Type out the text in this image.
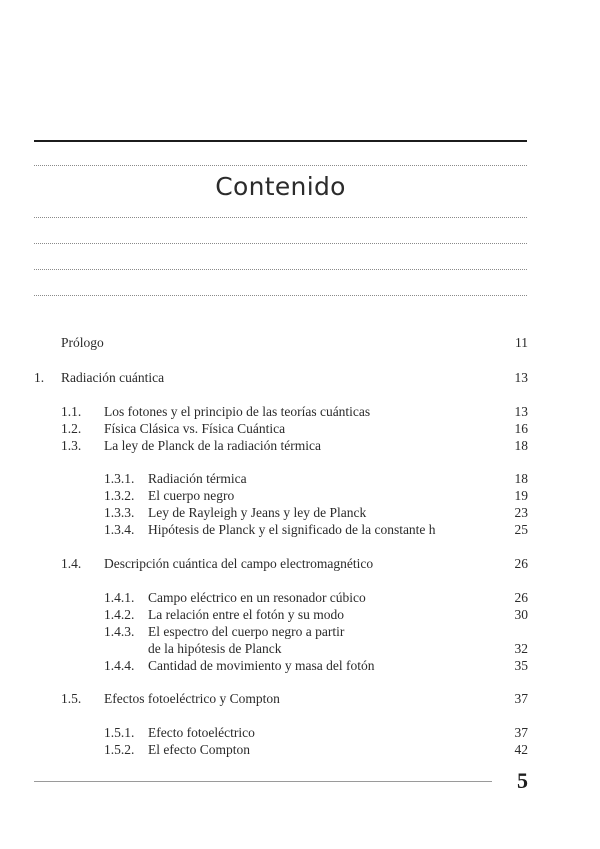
Contenido
Prólogo	11
1. Radiación cuántica	13
1.1. Los fotones y el principio de las teorías cuánticas	13
1.2. Física Clásica vs. Física Cuántica	16
1.3. La ley de Planck de la radiación térmica	18
1.3.1. Radiación térmica	18
1.3.2. El cuerpo negro	19
1.3.3. Ley de Rayleigh y Jeans y ley de Planck	23
1.3.4. Hipótesis de Planck y el significado de la constante h	25
1.4. Descripción cuántica del campo electromagnético	26
1.4.1. Campo eléctrico en un resonador cúbico	26
1.4.2. La relación entre el fotón y su modo	30
1.4.3. El espectro del cuerpo negro a partir
de la hipótesis de Planck	32
1.4.4. Cantidad de movimiento y masa del fotón	35
1.5. Efectos fotoeléctrico y Compton	37
1.5.1. Efecto fotoeléctrico	37
1.5.2. El efecto Compton	42
5
